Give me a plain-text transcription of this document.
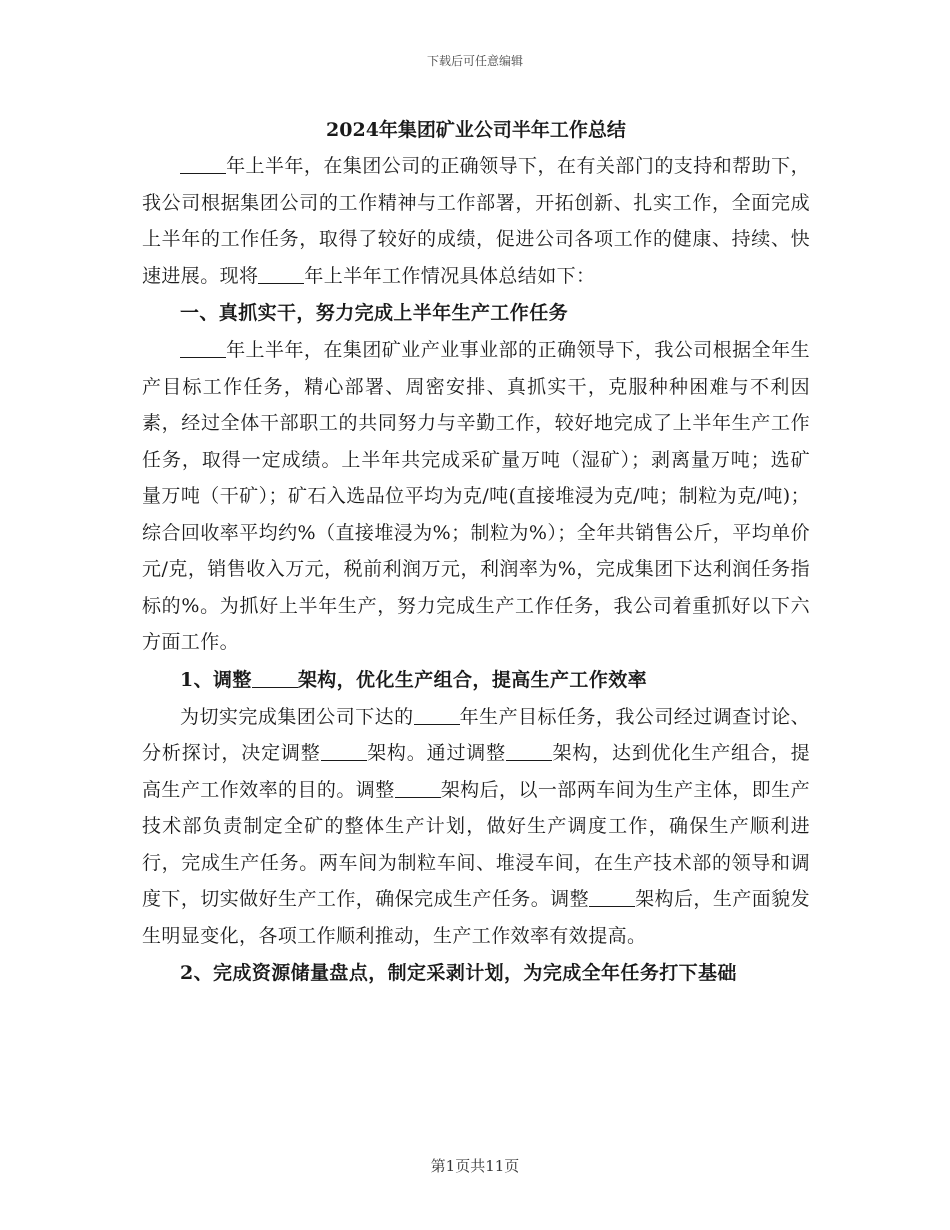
下载后可任意编辑
2024年集团矿业公司半年工作总结

年上半年，在集团公司的正确领导下，在有关部门的支持和帮助下，我公司根据集团公司的工作精神与工作部署，开拓创新、扎实工作，全面完成上半年的工作任务，取得了较好的成绩，促进公司各项工作的健康、持续、快速进展。现将 年上半年工作情况具体总结如下：

一、真抓实干，努力完成上半年生产工作任务

年上半年，在集团矿业产业事业部的正确领导下，我公司根据全年生产目标工作任务，精心部署、周密安排、真抓实干，克服种种困难与不利因素，经过全体干部职工的共同努力与辛勤工作，较好地完成了上半年生产工作任务，取得一定成绩。上半年共完成采矿量万吨（湿矿）；剥离量万吨；选矿量万吨（干矿）；矿石入选品位平均为克/吨(直接堆浸为克/吨；制粒为克/吨)；综合回收率平均约%（直接堆浸为%；制粒为%）；全年共销售公斤，平均单价元/克，销售收入万元，税前利润万元，利润率为%，完成集团下达利润任务指标的%。为抓好上半年生产，努力完成生产工作任务，我公司着重抓好以下六方面工作。

1、调整 架构，优化生产组合，提高生产工作效率

为切实完成集团公司下达的 年生产目标任务，我公司经过调查讨论、分析探讨，决定调整 架构。通过调整 架构，达到优化生产组合，提高生产工作效率的目的。调整 架构后，以一部两车间为生产主体，即生产技术部负责制定全矿的整体生产计划，做好生产调度工作，确保生产顺利进行，完成生产任务。两车间为制粒车间、堆浸车间，在生产技术部的领导和调度下，切实做好生产工作，确保完成生产任务。调整 架构后，生产面貌发生明显变化，各项工作顺利推动，生产工作效率有效提高。

2、完成资源储量盘点，制定采剥计划，为完成全年任务打下基础

第1页共11页
